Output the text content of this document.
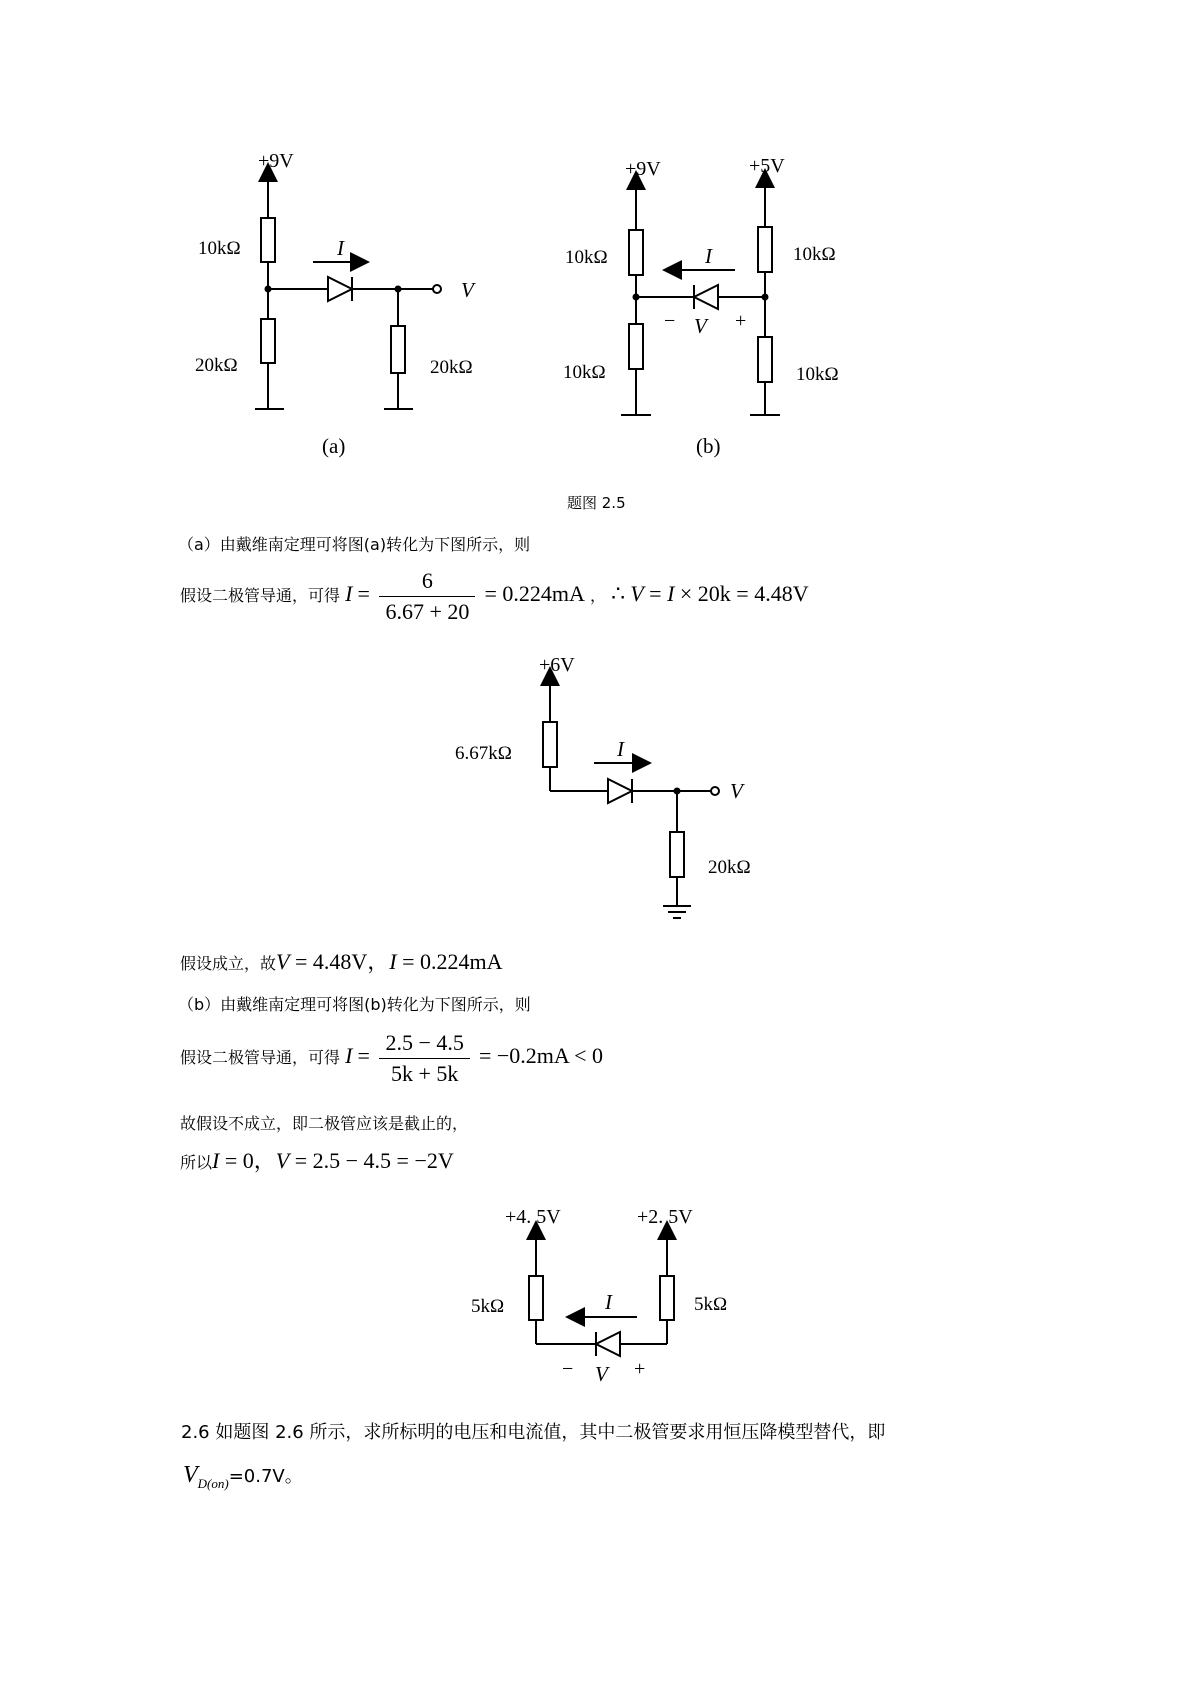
+9V
10kΩ
20kΩ	20kΩ
I
V
(a)
+9V	+5V
10kΩ
10kΩ
10kΩ
10kΩ
I
− V +
(b)
题图 2.5
（a）由戴维南定理可将图(a)转化为下图所示，则
假设二极管导通，可得 $I = \frac{6}{6.67 + 20} = 0.224mA$ ， ∴ V = I × 20k = 4.48V
+6V
6.67kΩ	I
V
20kΩ
假设成立，故V = 4.48V，I = 0.224mA
（b）由戴维南定理可将图(b)转化为下图所示，则
假设二极管导通，可得 $I = \frac{2.5 - 4.5}{5k + 5k} = -0.2mA < 0$
故假设不成立，即二极管应该是截止的，
所以I = 0，V = 2.5 − 4.5 = −2V
+4. 5V	+2. 5V
5kΩ	5kΩ
I
− V +
2.6 如题图 2.6 所示，求所标明的电压和电流值，其中二极管要求用恒压降模型替代，即
$V_{D(on)}=0.7V$。
